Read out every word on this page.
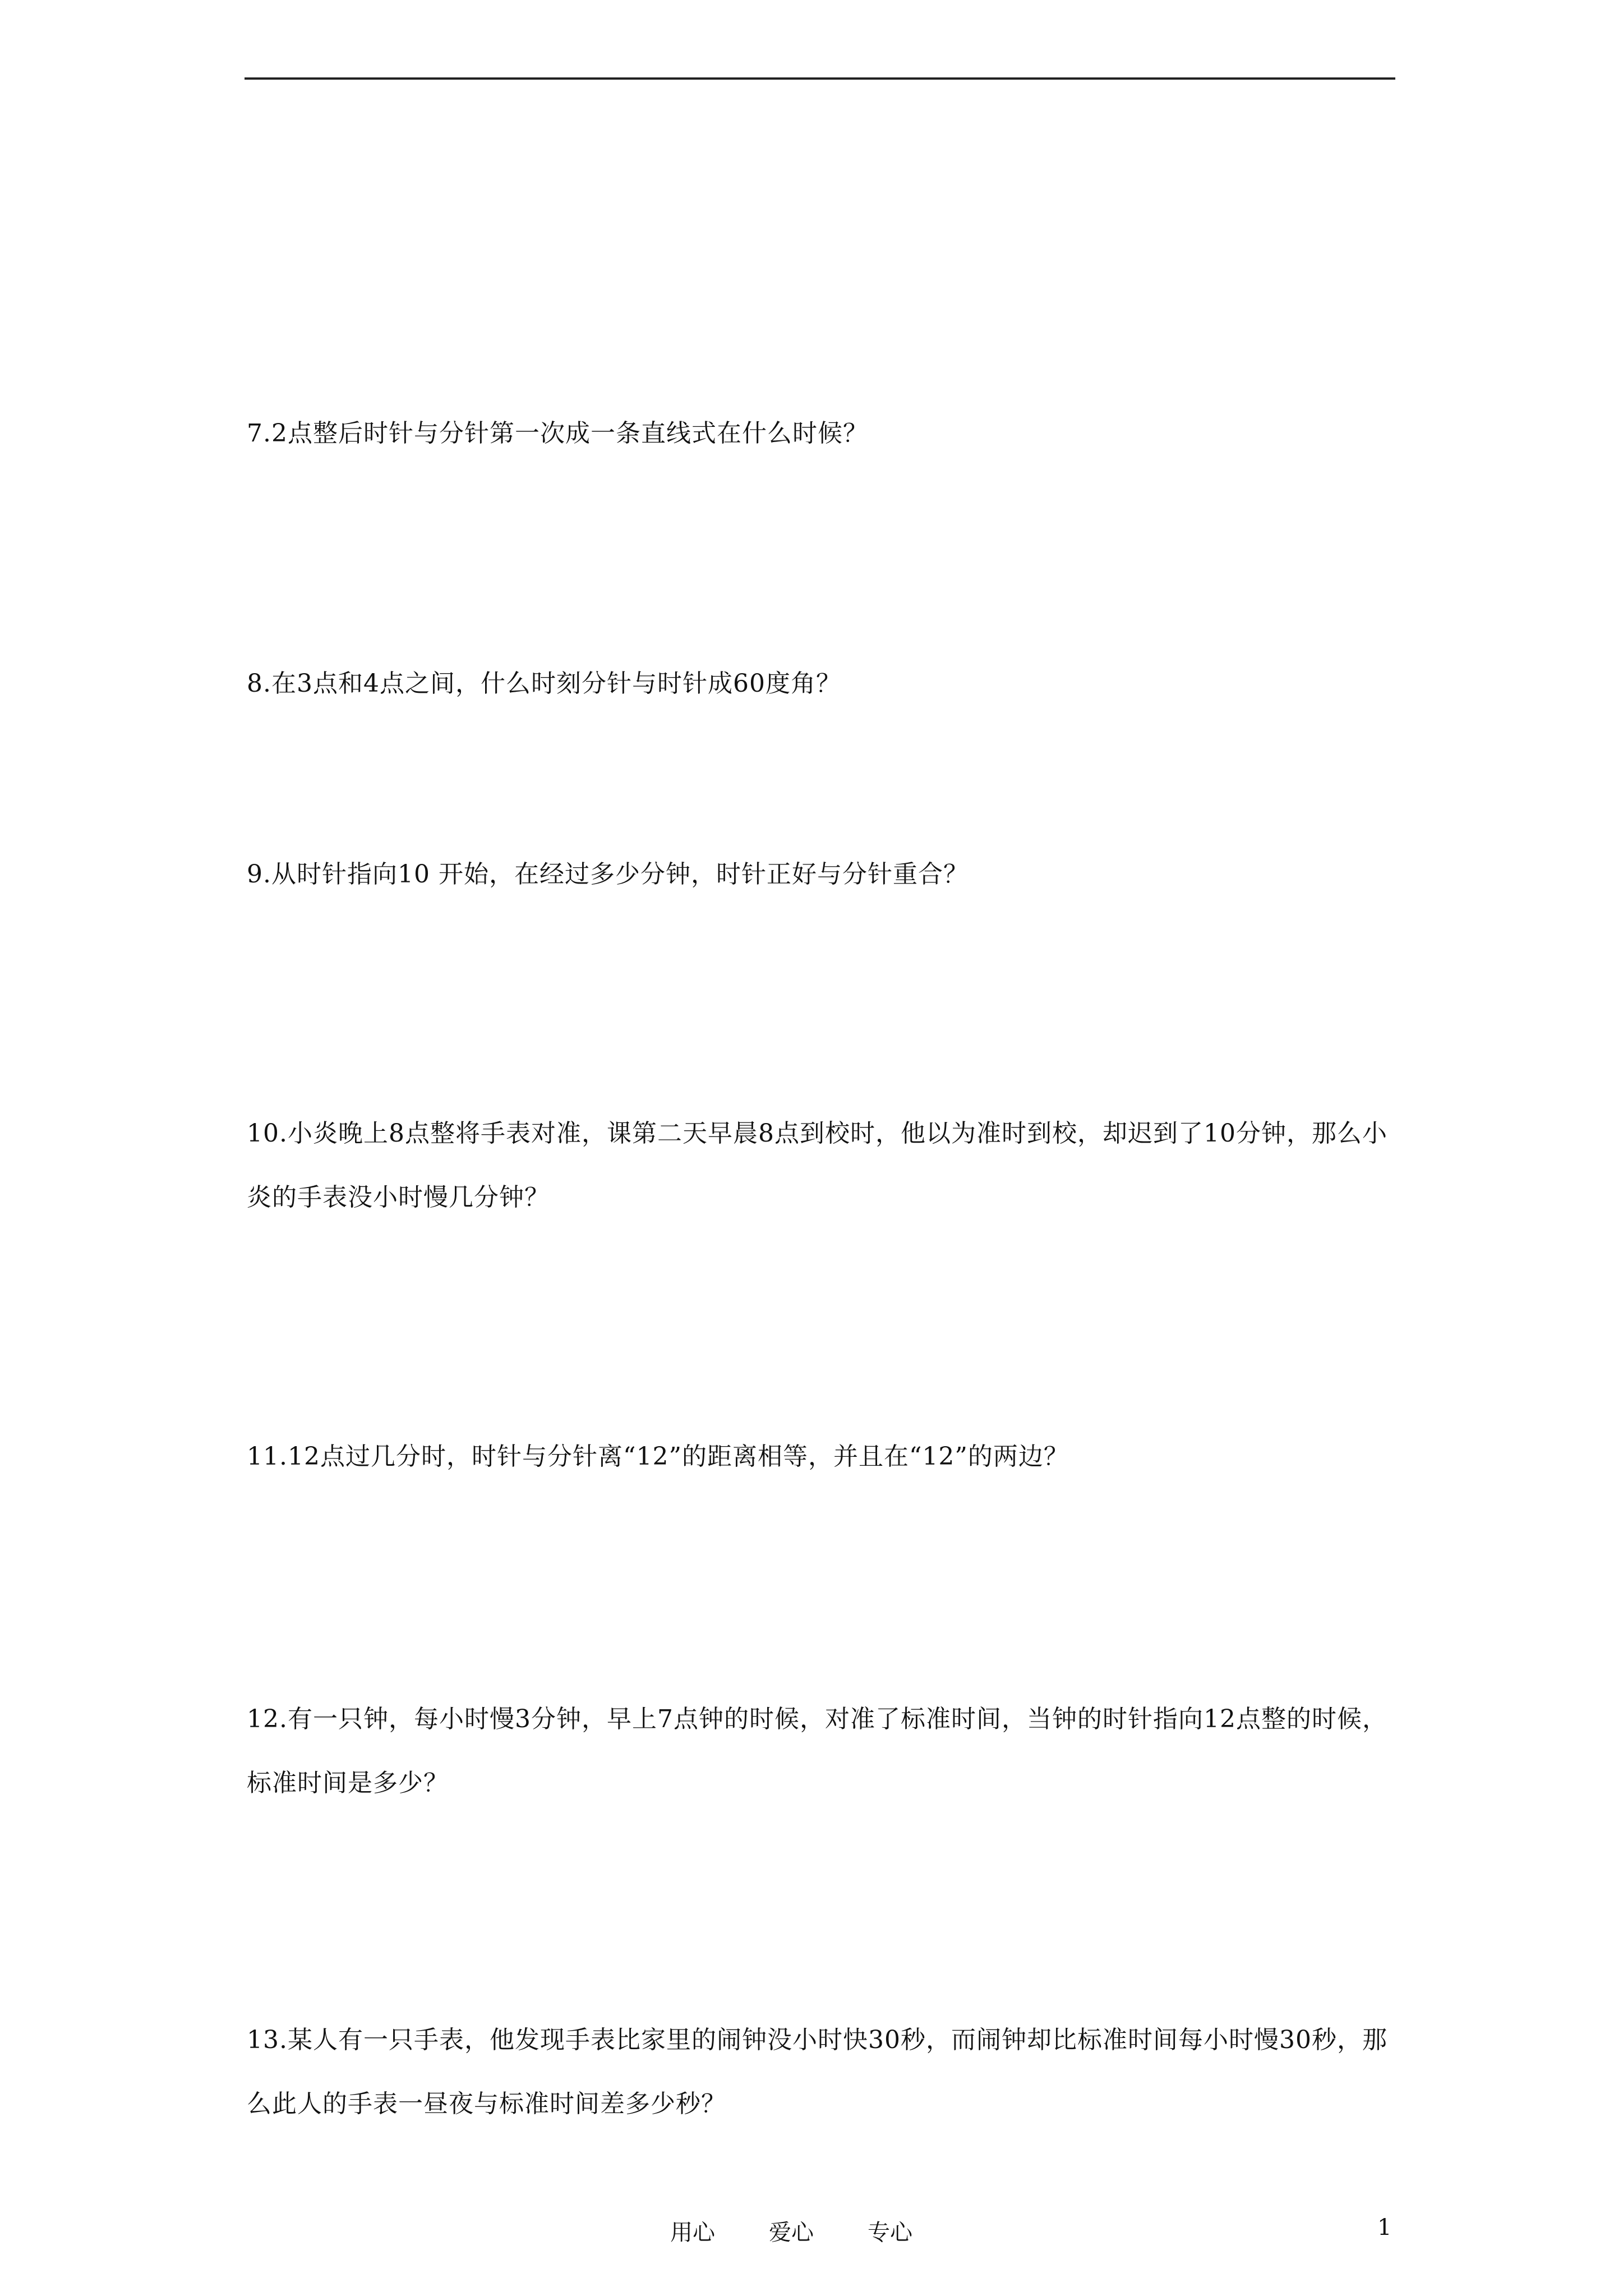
7.2点整后时针与分针第一次成一条直线式在什么时候？

8.在3点和4点之间，什么时刻分针与时针成60度角？

9.从时针指向10 开始，在经过多少分钟，时针正好与分针重合？

10.小炎晚上8点整将手表对准，课第二天早晨8点到校时，他以为准时到校，却迟到了10分钟，那么小炎的手表没小时慢几分钟？

11.12点过几分时，时针与分针离“12”的距离相等，并且在“12”的两边？

12.有一只钟，每小时慢3分钟，早上7点钟的时候，对准了标准时间，当钟的时针指向12点整的时候，标准时间是多少？

13.某人有一只手表，他发现手表比家里的闹钟没小时快30秒，而闹钟却比标准时间每小时慢30秒，那么此人的手表一昼夜与标准时间差多少秒？

用心	爱心	专心	1
